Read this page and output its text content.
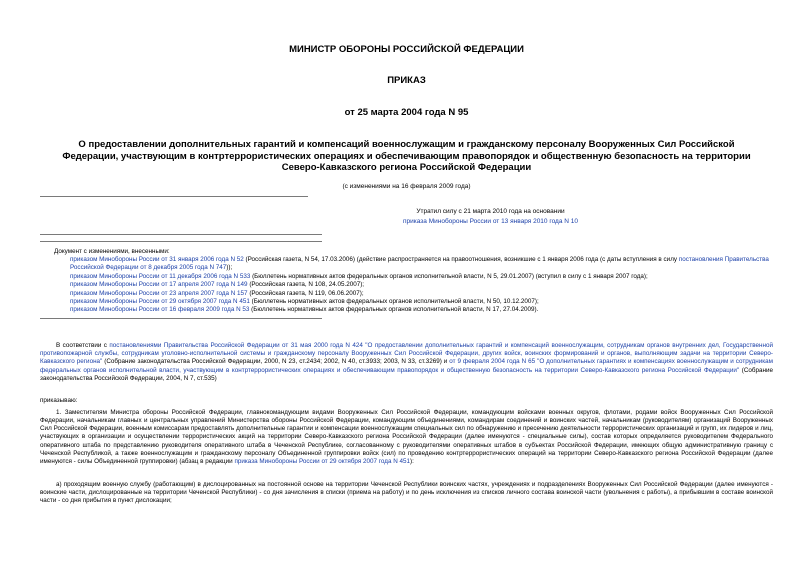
МИНИСТР ОБОРОНЫ РОССИЙСКОЙ ФЕДЕРАЦИИ
ПРИКАЗ
от 25 марта 2004 года N 95
О предоставлении дополнительных гарантий и компенсаций военнослужащим и гражданскому персоналу Вооруженных Сил Российской Федерации, участвующим в контртеррористических операциях и обеспечивающим правопорядок и общественную безопасность на территории Северо-Кавказского региона Российской Федерации
(с изменениями на 16 февраля 2009 года)
Утратил силу с 21 марта 2010 года на основании
приказа Минобороны России от 13 января 2010 года N 10
Документ с изменениями, внесенными:
приказом Минобороны России от 31 января 2006 года N 52 (Российская газета, N 54, 17.03.2006) (действие распространяется на правоотношения, возникшие с 1 января 2006 года (с даты вступления в силу постановления Правительства Российской Федерации от 8 декабря 2005 года N 747));
приказом Минобороны России от 11 декабря 2006 года N 533 (Бюллетень нормативных актов федеральных органов исполнительной власти, N 5, 29.01.2007) (вступил в силу с 1 января 2007 года);
приказом Минобороны России от 17 апреля 2007 года N 149 (Российская газета, N 108, 24.05.2007);
приказом Минобороны России от 23 апреля 2007 года N 157 (Российская газета, N 119, 06.06.2007);
приказом Минобороны России от 29 октября 2007 года N 451 (Бюллетень нормативных актов федеральных органов исполнительной власти, N 50, 10.12.2007);
приказом Минобороны России от 16 февраля 2009 года N 53 (Бюллетень нормативных актов федеральных органов исполнительной власти, N 17, 27.04.2009).
В соответствии с постановлениями Правительства Российской Федерации от 31 мая 2000 года N 424 "О предоставлении дополнительных гарантий и компенсаций военнослужащим, сотрудникам органов внутренних дел, Государственной противопожарной службы, сотрудникам уголовно-исполнительной системы и гражданскому персоналу Вооруженных Сил Российской Федерации, других войск, воинских формирований и органов, выполняющим задачи на территории Северо-Кавказского региона" (Собрание законодательства Российской Федерации, 2000, N 23, ст.2434; 2002, N 40, ст.3933; 2003, N 33, ст.3269) и от 9 февраля 2004 года N 65 "О дополнительных гарантиях и компенсациях военнослужащим и сотрудникам федеральных органов исполнительной власти, участвующим в контртеррористических операциях и обеспечивающим правопорядок и общественную безопасность на территории Северо-Кавказского региона Российской Федерации" (Собрание законодательства Российской Федерации, 2004, N 7, ст.535)
приказываю:
1. Заместителям Министра обороны Российской Федерации, главнокомандующим видами Вооруженных Сил Российской Федерации, командующим войсками военных округов, флотами, родами войск Вооруженных Сил Российской Федерации, начальникам главных и центральных управлений Министерства обороны Российской Федерации, командующим объединениями, командирам соединений и воинских частей, начальникам (руководителям) организаций Вооруженных Сил Российской Федерации, военным комиссарам предоставлять дополнительные гарантии и компенсации военнослужащим специальных сил по обнаружению и пресечению деятельности террористических организаций и групп, их лидеров и лиц, участвующих в организации и осуществлении террористических акций на территории Северо-Кавказского региона Российской Федерации (далее именуются - специальные силы), состав которых определяется руководителем Федерального оперативного штаба по представлению руководителя оперативного штаба в Чеченской Республике, согласованному с руководителями оперативных штабов в субъектах Российской Федерации, имеющих общую административную границу с Чеченской Республикой, а также военнослужащим и гражданскому персоналу Объединенной группировки войск (сил) по проведению контртеррористических операций на территории Северо-Кавказского региона Российской Федерации (далее именуются - силы Объединенной группировки) (абзац в редакции приказа Минобороны России от 29 октября 2007 года N 451):
а) проходящим военную службу (работающим) в дислоцированных на постоянной основе на территории Чеченской Республики воинских частях, учреждениях и подразделениях Вооруженных Сил Российской Федерации (далее именуются - воинские части, дислоцированные на территории Чеченской Республики) - со дня зачисления в списки (приема на работу) и по день исключения из списков личного состава воинской части (увольнения с работы), а прибывшим в составе воинской части - со дня прибытия в пункт дислокации;
